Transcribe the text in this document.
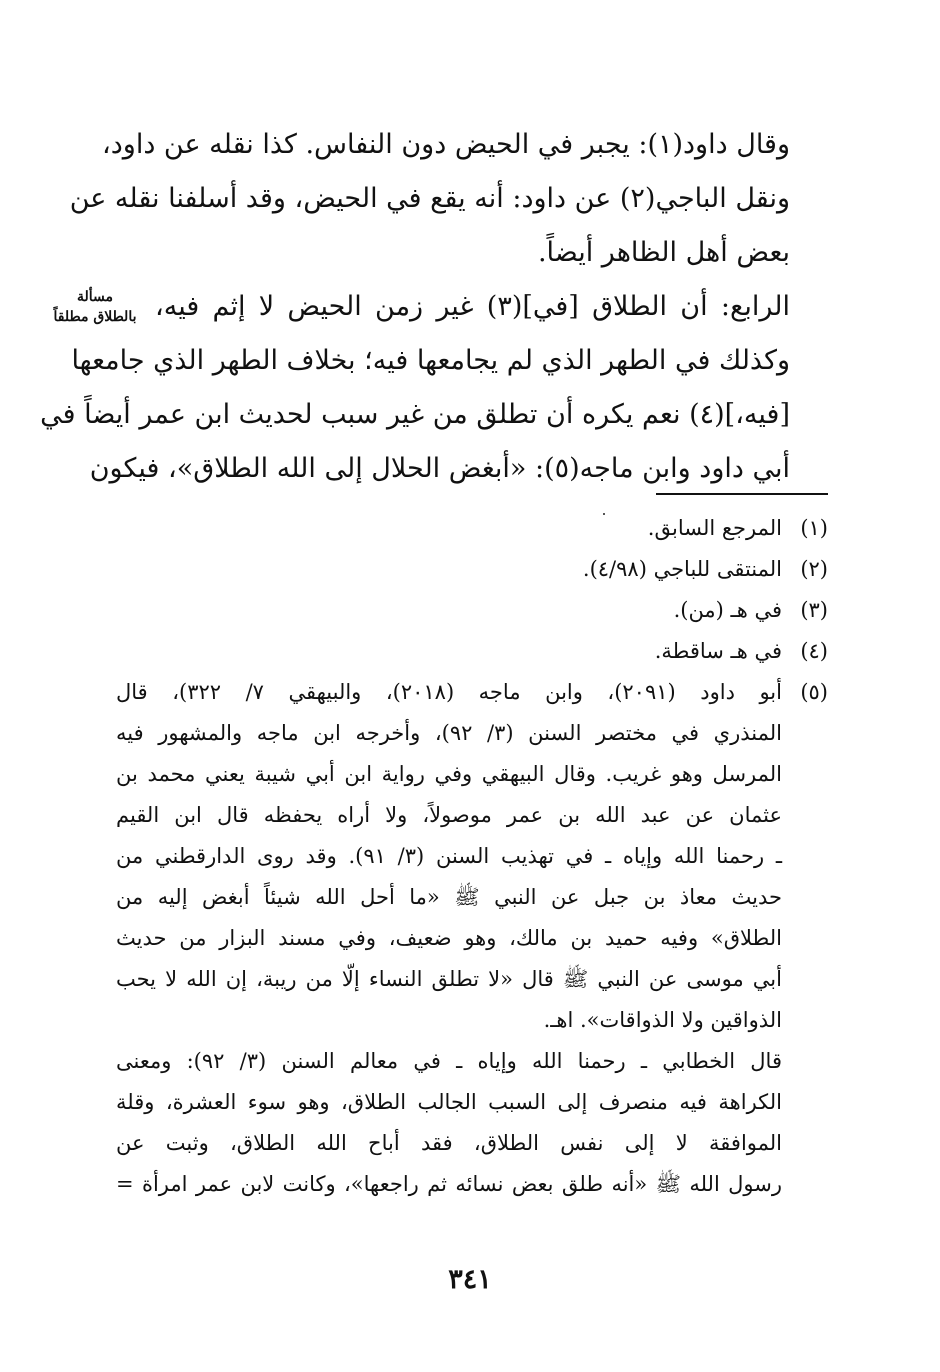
وقال داود(١): يجبر في الحيض دون النفاس. كذا نقله عن داود،
ونقل الباجي(٢) عن داود: أنه يقع في الحيض، وقد أسلفنا نقله عن
بعض أهل الظاهر أيضاً.
الرابع: أن الطلاق [في](٣) غير زمن الحيض لا إثم فيه،
وكذلك في الطهر الذي لم يجامعها فيه؛ بخلاف الطهر الذي جامعها
[فيه،](٤) نعم يكره أن تطلق من غير سبب لحديث ابن عمر أيضاً في
أبي داود وابن ماجه(٥): «أبغض الحلال إلى الله الطلاق»، فيكون
مسألة
بالطلاق مطلقاً
(١)
المرجع السابق.
(٢)
المنتقى للباجي (٤/٩٨).
(٣)
في هـ (من).
(٤)
في هـ ساقطة.
(٥)
أبو داود (٢٠٩١)، وابن ماجه (٢٠١٨)، والبيهقي ٧/ ٣٢٢)، قال
المنذري في مختصر السنن (٣/ ٩٢)، وأخرجه ابن ماجه والمشهور فيه
المرسل وهو غريب. وقال البيهقي وفي رواية ابن أبي شيبة يعني محمد بن
عثمان عن عبد الله بن عمر موصولاً، ولا أراه يحفظه قال ابن القيم
ـ رحمنا الله وإياه ـ في تهذيب السنن (٣/ ٩١). وقد روى الدارقطني من
حديث معاذ بن جبل عن النبي ﷺ «ما أحل الله شيئاً أبغض إليه من
الطلاق» وفيه حميد بن مالك، وهو ضعيف، وفي مسند البزار من حديث
أبي موسى عن النبي ﷺ قال «لا تطلق النساء إلّا من ريبة، إن الله لا يحب
الذواقين ولا الذواقات». اهـ.
قال الخطابي ـ رحمنا الله وإياه ـ في معالم السنن (٣/ ٩٢): ومعنى
الكراهة فيه منصرف إلى السبب الجالب الطلاق، وهو سوء العشرة، وقلة
الموافقة لا إلى نفس الطلاق، فقد أباح الله الطلاق، وثبت عن
رسول الله ﷺ «أنه طلق بعض نسائه ثم راجعها»، وكانت لابن عمر امرأة =
٣٤١
